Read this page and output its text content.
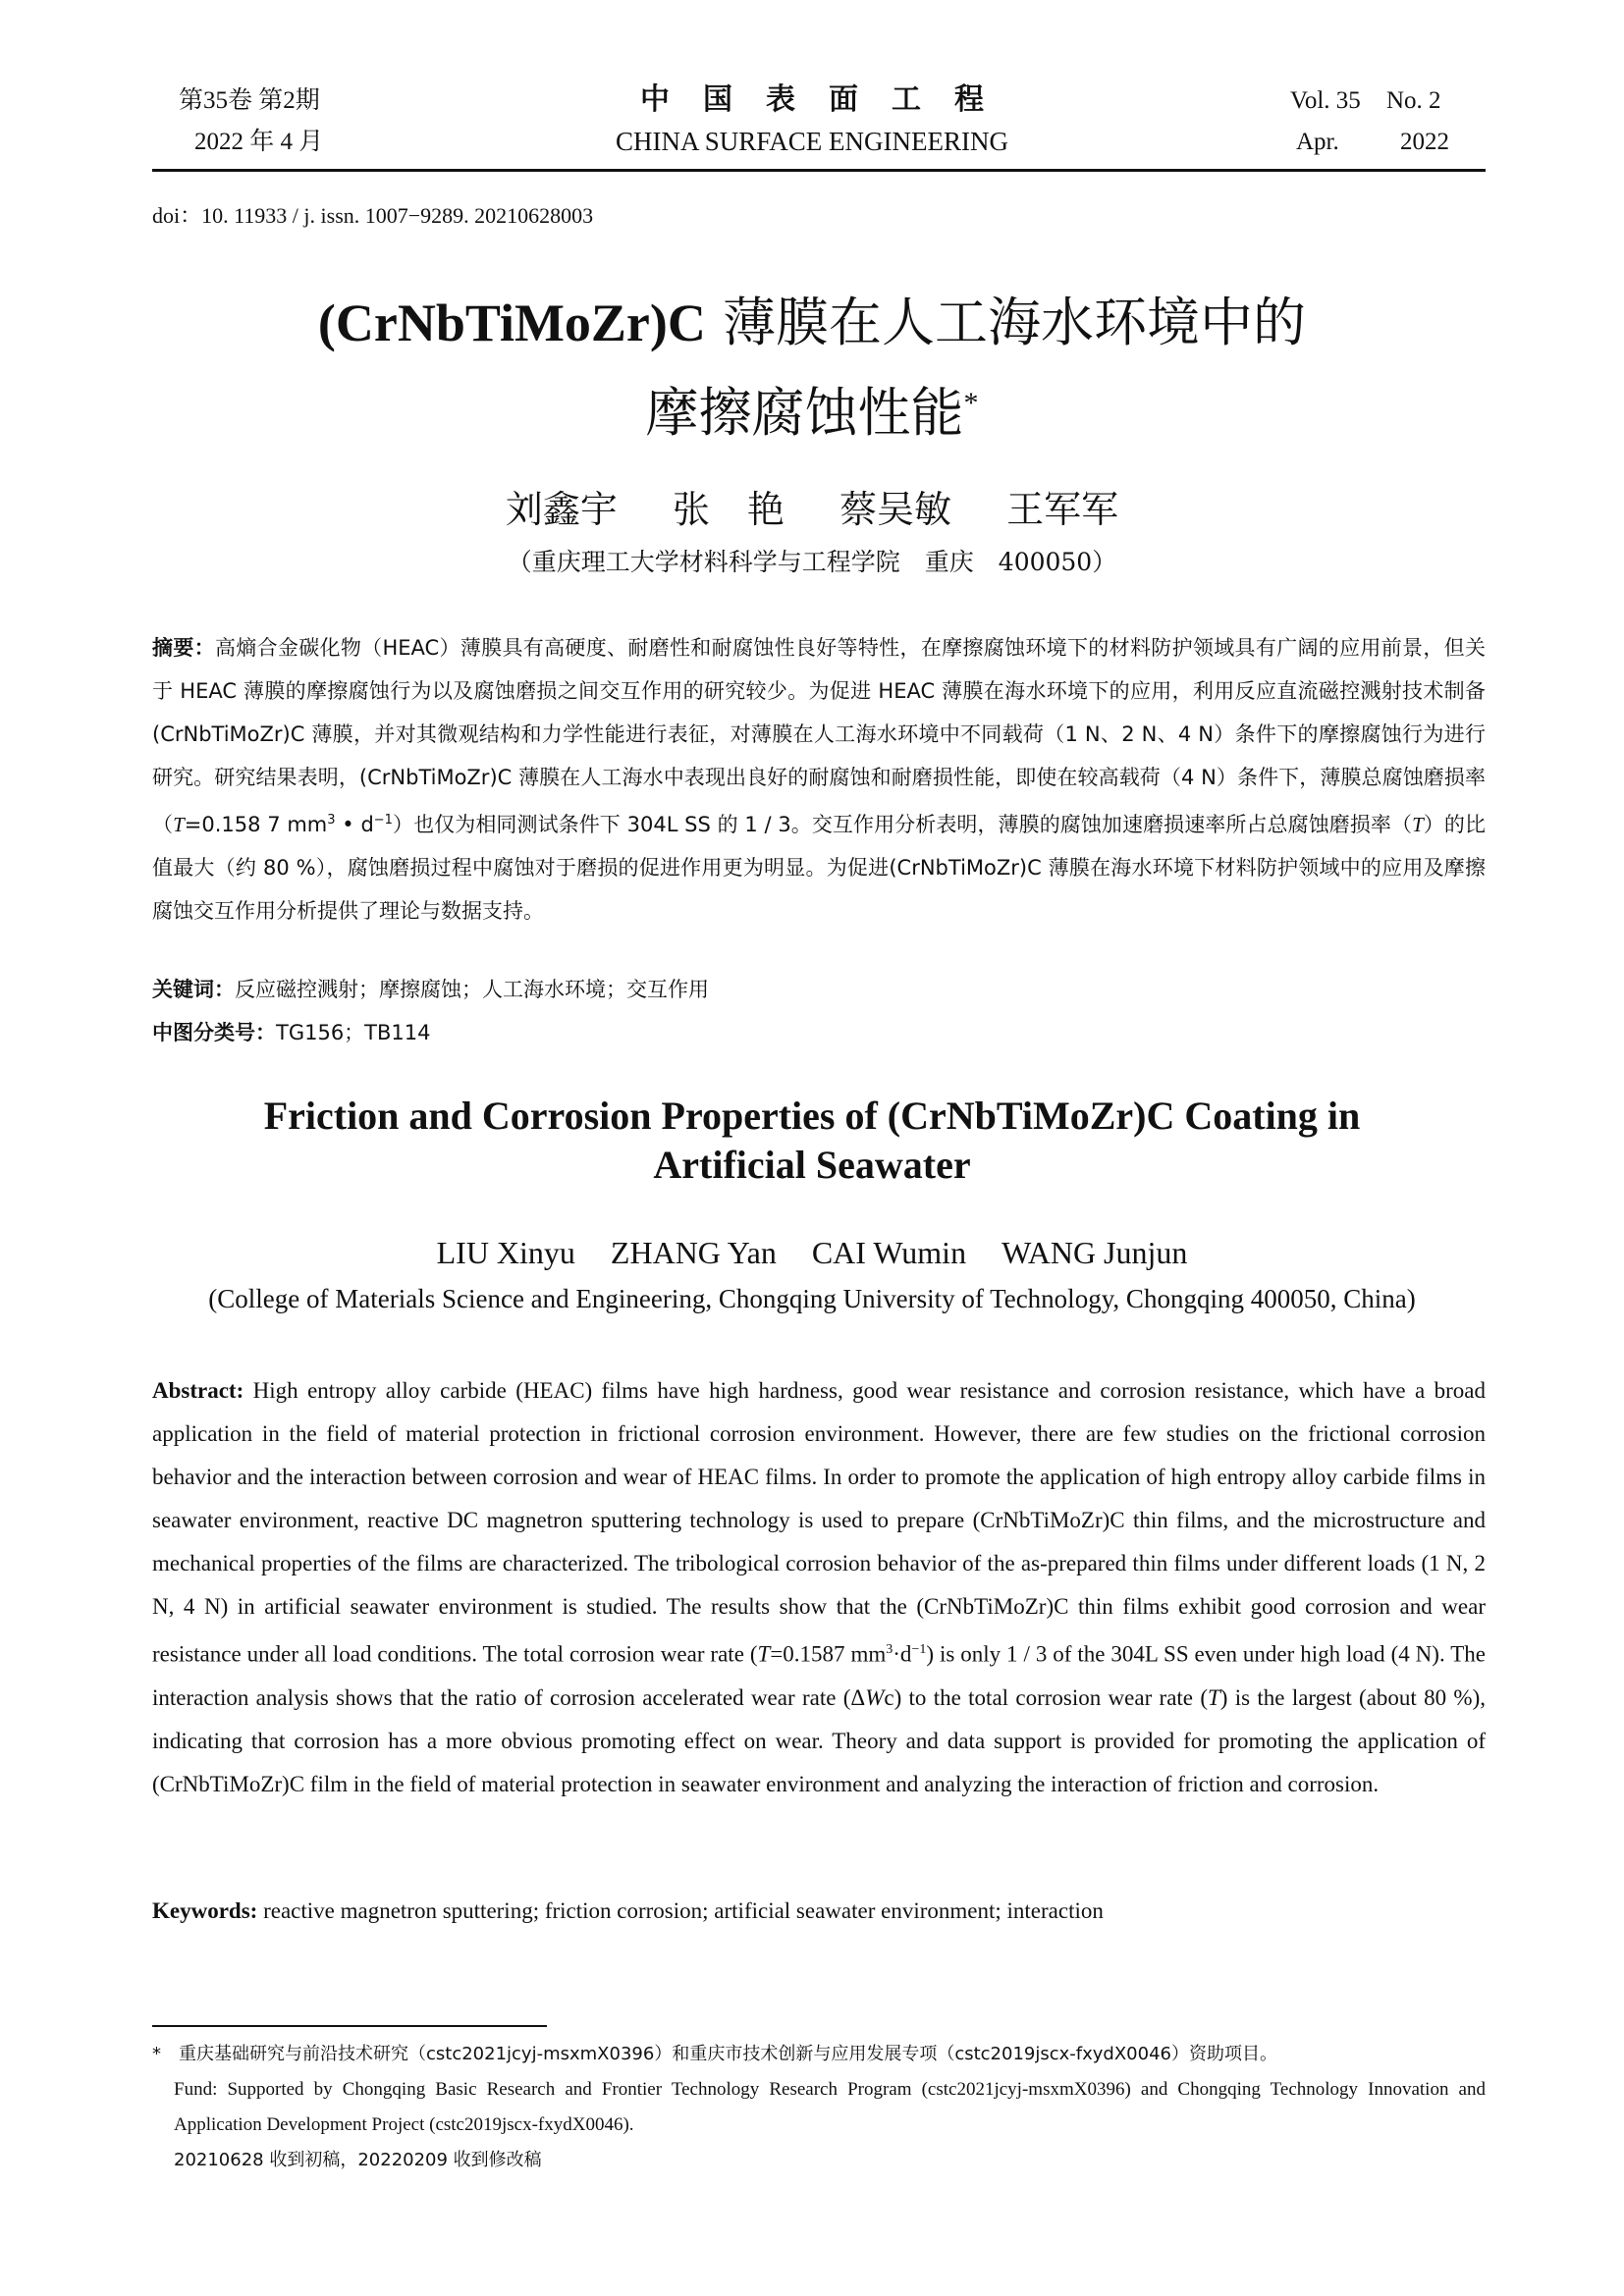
第35卷 第2期
2022 年 4 月
中国表面工程
CHINA SURFACE ENGINEERING
Vol. 35 No. 2
Apr. 2022
doi：10. 11933 / j. issn. 1007−9289. 20210628003
(CrNbTiMoZr)C 薄膜在人工海水环境中的
摩擦腐蚀性能*
刘鑫宇 张　艳 蔡吴敏 王军军
（重庆理工大学材料科学与工程学院　重庆　400050）
摘要：高熵合金碳化物（HEAC）薄膜具有高硬度、耐磨性和耐腐蚀性良好等特性，在摩擦腐蚀环境下的材料防护领域具有广阔的应用前景，但关于 HEAC 薄膜的摩擦腐蚀行为以及腐蚀磨损之间交互作用的研究较少。为促进 HEAC 薄膜在海水环境下的应用，利用反应直流磁控溅射技术制备(CrNbTiMoZr)C 薄膜，并对其微观结构和力学性能进行表征，对薄膜在人工海水环境中不同载荷（1 N、2 N、4 N）条件下的摩擦腐蚀行为进行研究。研究结果表明，(CrNbTiMoZr)C 薄膜在人工海水中表现出良好的耐腐蚀和耐磨损性能，即使在较高载荷（4 N）条件下，薄膜总腐蚀磨损率（T=0.158 7 $mm^3$ • $d^{-1}$）也仅为相同测试条件下 304L SS 的 1 / 3。交互作用分析表明，薄膜的腐蚀加速磨损速率所占总腐蚀磨损率（T）的比值最大（约 80 %），腐蚀磨损过程中腐蚀对于磨损的促进作用更为明显。为促进(CrNbTiMoZr)C 薄膜在海水环境下材料防护领域中的应用及摩擦腐蚀交互作用分析提供了理论与数据支持。
关键词：反应磁控溅射；摩擦腐蚀；人工海水环境；交互作用
中图分类号：TG156；TB114
Friction and Corrosion Properties of (CrNbTiMoZr)C Coating in
Artificial Seawater
LIU Xinyu ZHANG Yan CAI Wumin WANG Junjun
(College of Materials Science and Engineering, Chongqing University of Technology, Chongqing 400050, China)
Abstract: High entropy alloy carbide (HEAC) films have high hardness, good wear resistance and corrosion resistance, which have a broad application in the field of material protection in frictional corrosion environment. However, there are few studies on the frictional corrosion behavior and the interaction between corrosion and wear of HEAC films. In order to promote the application of high entropy alloy carbide films in seawater environment, reactive DC magnetron sputtering technology is used to prepare (CrNbTiMoZr)C thin films, and the microstructure and mechanical properties of the films are characterized. The tribological corrosion behavior of the as-prepared thin films under different loads (1 N, 2 N, 4 N) in artificial seawater environment is studied. The results show that the (CrNbTiMoZr)C thin films exhibit good corrosion and wear resistance under all load conditions. The total corrosion wear rate (T=0.1587 $mm^3\cdot d^{-1}$) is only 1 / 3 of the 304L SS even under high load (4 N). The interaction analysis shows that the ratio of corrosion accelerated wear rate (ΔWc) to the total corrosion wear rate (T) is the largest (about 80 %), indicating that corrosion has a more obvious promoting effect on wear. Theory and data support is provided for promoting the application of (CrNbTiMoZr)C film in the field of material protection in seawater environment and analyzing the interaction of friction and corrosion.
Keywords: reactive magnetron sputtering; friction corrosion; artificial seawater environment; interaction
*　重庆基础研究与前沿技术研究（cstc2021jcyj-msxmX0396）和重庆市技术创新与应用发展专项（cstc2019jscx-fxydX0046）资助项目。
Fund: Supported by Chongqing Basic Research and Frontier Technology Research Program (cstc2021jcyj-msxmX0396) and Chongqing Technology Innovation and Application Development Project (cstc2019jscx-fxydX0046).
20210628 收到初稿，20220209 收到修改稿
